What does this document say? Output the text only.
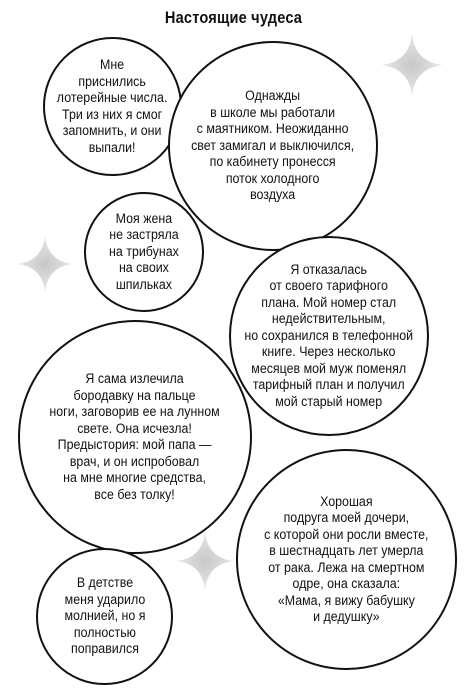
Настоящие чудеса
Мне
приснились
лотерейные числа.
Три из них я смог
запомнить, и они
выпали!
Однажды
в школе мы работали
с маятником. Неожиданно
свет замигал и выключился,
по кабинету пронесся
поток холодного
воздуха
Моя жена
не застряла
на трибунах
на своих
шпильках
Я отказалась
от своего тарифного
плана. Мой номер стал
недействительным,
но сохранился в телефонной
книге. Через несколько
месяцев мой муж поменял
тарифный план и получил
мой старый номер
Я сама излечила
бородавку на пальце
ноги, заговорив ее на лунном
свете. Она исчезла!
Предыстория: мой папа —
врач, и он испробовал
на мне многие средства,
все без толку!	Хорошая
подруга моей дочери,
с которой они росли вместе,
в шестнадцать лет умерла
от рака. Лежа на смертном
одре, она сказала:
«Мама, я вижу бабушку
и дедушку»
В детстве
меня ударило
молнией, но я
полностью
поправился
